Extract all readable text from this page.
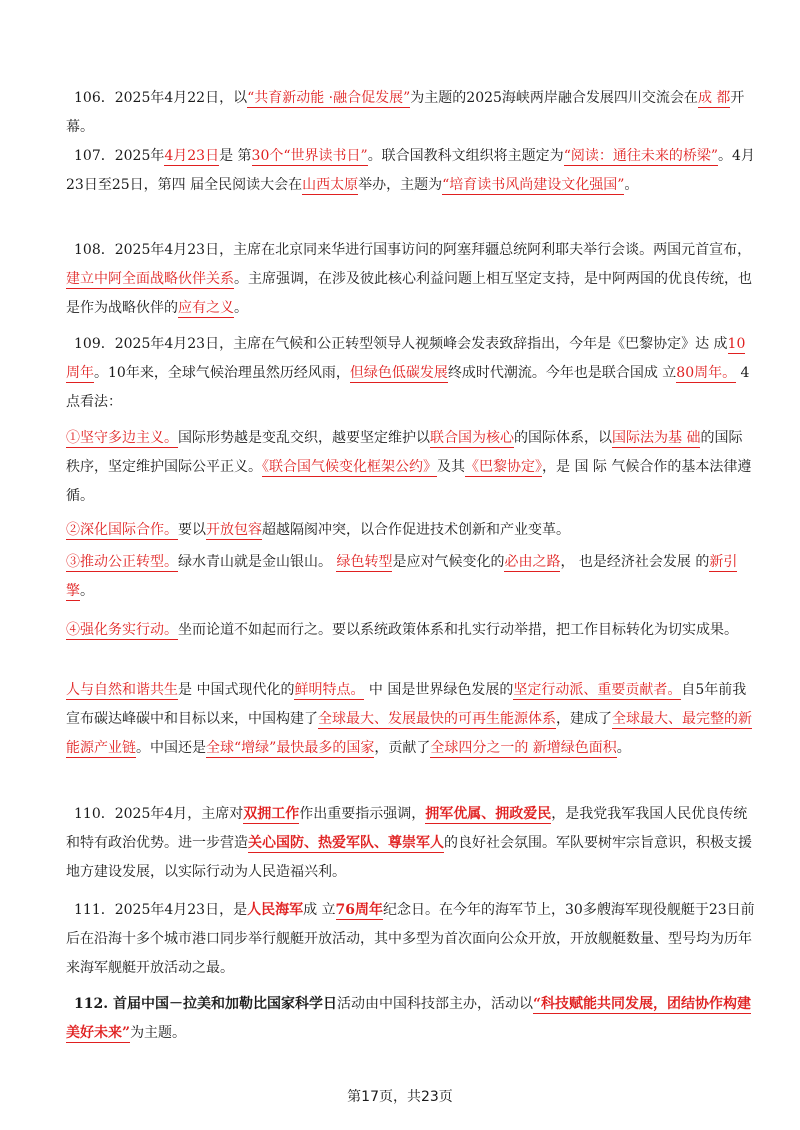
106．2025年4月22日，以“共育新动能 ·融合促发展”为主题的2025海峡两岸融合发展四川交流会在成 都开幕。

107．2025年4月23日是 第30个“世界读书日”。联合国教科文组织将主题定为“阅读：通往未来的桥梁”。4月23日至25日，第四 届全民阅读大会在山西太原举办，主题为“培育读书风尚建设文化强国”。

108．2025年4月23日，主席在北京同来华进行国事访问的阿塞拜疆总统阿利耶夫举行会谈。两国元首宣布，建立中阿全面战略伙伴关系。主席强调，在涉及彼此核心利益问题上相互坚定支持，是中阿两国的优良传统，也是作为战略伙伴的应有之义。

109．2025年4月23日，主席在气候和公正转型领导人视频峰会发表致辞指出，今年是《巴黎协定》达 成10周年。10年来，全球气候治理虽然历经风雨，但绿色低碳发展终成时代潮流。今年也是联合国成 立80周年。 4点看法：

①坚守多边主义。国际形势越是变乱交织，越要坚定维护以联合国为核心的国际体系，以国际法为基 础的国际秩序，坚定维护国际公平正义。《联合国气候变化框架公约》及其《巴黎协定》，是 国 际 气候合作的基本法律遵循。

②深化国际合作。要以开放包容超越隔阂冲突，以合作促进技术创新和产业变革。

③推动公正转型。绿水青山就是金山银山。 绿色转型是应对气候变化的必由之路， 也是经济社会发展 的新引擎。

④强化务实行动。坐而论道不如起而行之。要以系统政策体系和扎实行动举措，把工作目标转化为切实成果。

人与自然和谐共生是 中国式现代化的鲜明特点。 中 国是世界绿色发展的坚定行动派、重要贡献者。自5年前我宣布碳达峰碳中和目标以来，中国构建了全球最大、发展最快的可再生能源体系，建成了全球最大、最完整的新能源产业链。中国还是全球“增绿”最快最多的国家，贡献了全球四分之一的 新增绿色面积。

110．2025年4月，主席对双拥工作作出重要指示强调，拥军优属、拥政爱民，是我党我军我国人民优良传统和特有政治优势。进一步营造关心国防、热爱军队、尊崇军人的良好社会氛围。军队要树牢宗旨意识，积极支援地方建设发展，以实际行动为人民造福兴利。

111．2025年4月23日，是人民海军成 立76周年纪念日。在今年的海军节上，30多艘海军现役舰艇于23日前后在沿海十多个城市港口同步举行舰艇开放活动，其中多型为首次面向公众开放，开放舰艇数量、型号均为历年来海军舰艇开放活动之最。

112. 首届中国－拉美和加勒比国家科学日活动由中国科技部主办，活动以“科技赋能共同发展，团结协作构建美好未来”为主题。

第17页，共23页
